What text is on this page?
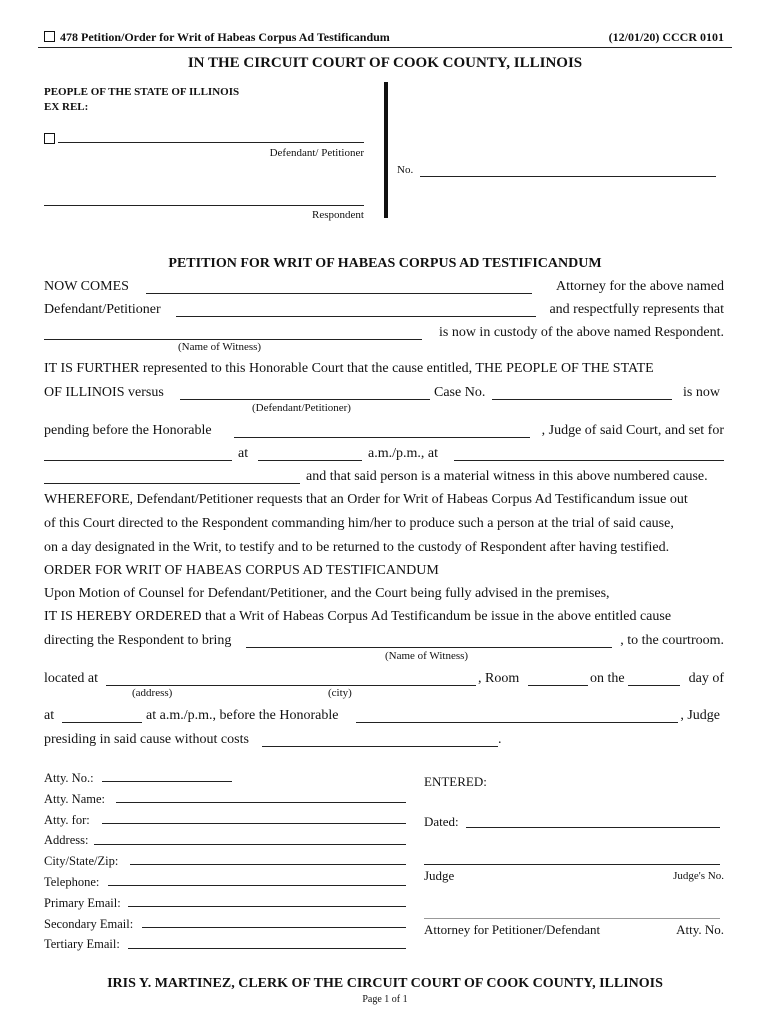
478 Petition/Order for Writ of Habeas Corpus Ad Testificandum	(12/01/20) CCCR 0101
IN THE CIRCUIT COURT OF COOK COUNTY, ILLINOIS
PEOPLE OF THE STATE OF ILLINOIS
EX REL:
Defendant/ Petitioner
No.
Respondent
PETITION FOR WRIT OF HABEAS CORPUS AD TESTIFICANDUM
NOW COMES	Attorney for the above named
Defendant/Petitioner	and respectfully represents that
is now in custody of the above named Respondent.
(Name of Witness)
IT IS FURTHER represented to this Honorable Court that the cause entitled, THE PEOPLE OF THE STATE
OF ILLINOIS versus	Case No.	is now
(Defendant/Petitioner)
pending before the Honorable	, Judge of said Court, and set for
at	a.m./p.m., at
and that said person is a material witness in this above numbered cause.
WHEREFORE, Defendant/Petitioner requests that an Order for Writ of Habeas Corpus Ad Testificandum issue out
of this Court directed to the Respondent commanding him/her to produce such a person at the trial of said cause,
on a day designated in the Writ, to testify and to be returned to the custody of Respondent after having testified.
ORDER FOR WRIT OF HABEAS CORPUS AD TESTIFICANDUM
Upon Motion of Counsel for Defendant/Petitioner, and the Court being fully advised in the premises,
IT IS HEREBY ORDERED that a Writ of Habeas Corpus Ad Testificandum be issue in the above entitled cause
directing the Respondent to bring	, to the courtroom.
(Name of Witness)
located at	, Room	on the	day of
(address)	(city)
at	at a.m./p.m., before the Honorable	, Judge
presiding in said cause without costs	.
Atty. No.:
Atty. Name:
Atty. for:
Address:
City/State/Zip:
Telephone:
Primary Email:
Secondary Email:
Tertiary Email:
ENTERED:
Dated:
Judge	Judge's No.
Attorney for Petitioner/Defendant	Atty. No.
IRIS Y. MARTINEZ, CLERK OF THE CIRCUIT COURT OF COOK COUNTY, ILLINOIS
Page 1 of 1
